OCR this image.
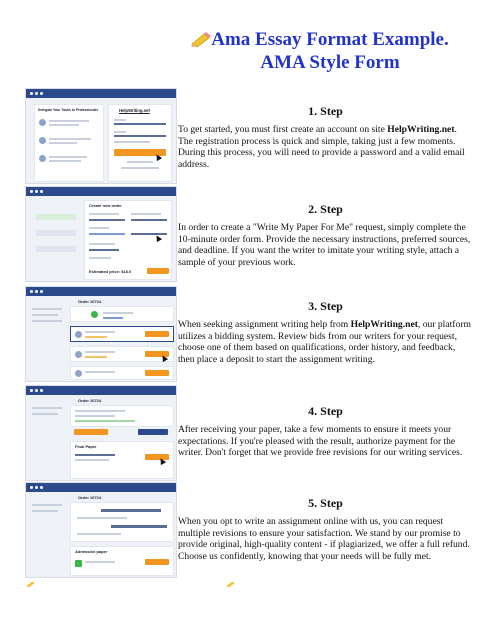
Ama Essay Format Example.
AMA Style Form
Delegate Your Tasks to Professionals	HelpWriting.net
Create new order
Estimated price: $18.0
Order 10724
Order 10724
Final Paper
Order 10724
Admission paper
1. Step
To get started, you must first create an account on site HelpWriting.net. The registration process is quick and simple, taking just a few moments. During this process, you will need to provide a password and a valid email address.
2. Step
In order to create a "Write My Paper For Me" request, simply complete the 10-minute order form. Provide the necessary instructions, preferred sources, and deadline. If you want the writer to imitate your writing style, attach a sample of your previous work.
3. Step
When seeking assignment writing help from HelpWriting.net, our platform utilizes a bidding system. Review bids from our writers for your request, choose one of them based on qualifications, order history, and feedback, then place a deposit to start the assignment writing.
4. Step
After receiving your paper, take a few moments to ensure it meets your expectations. If you're pleased with the result, authorize payment for the writer. Don't forget that we provide free revisions for our writing services.
5. Step
When you opt to write an assignment online with us, you can request multiple revisions to ensure your satisfaction. We stand by our promise to provide original, high-quality content - if plagiarized, we offer a full refund. Choose us confidently, knowing that your needs will be fully met.
